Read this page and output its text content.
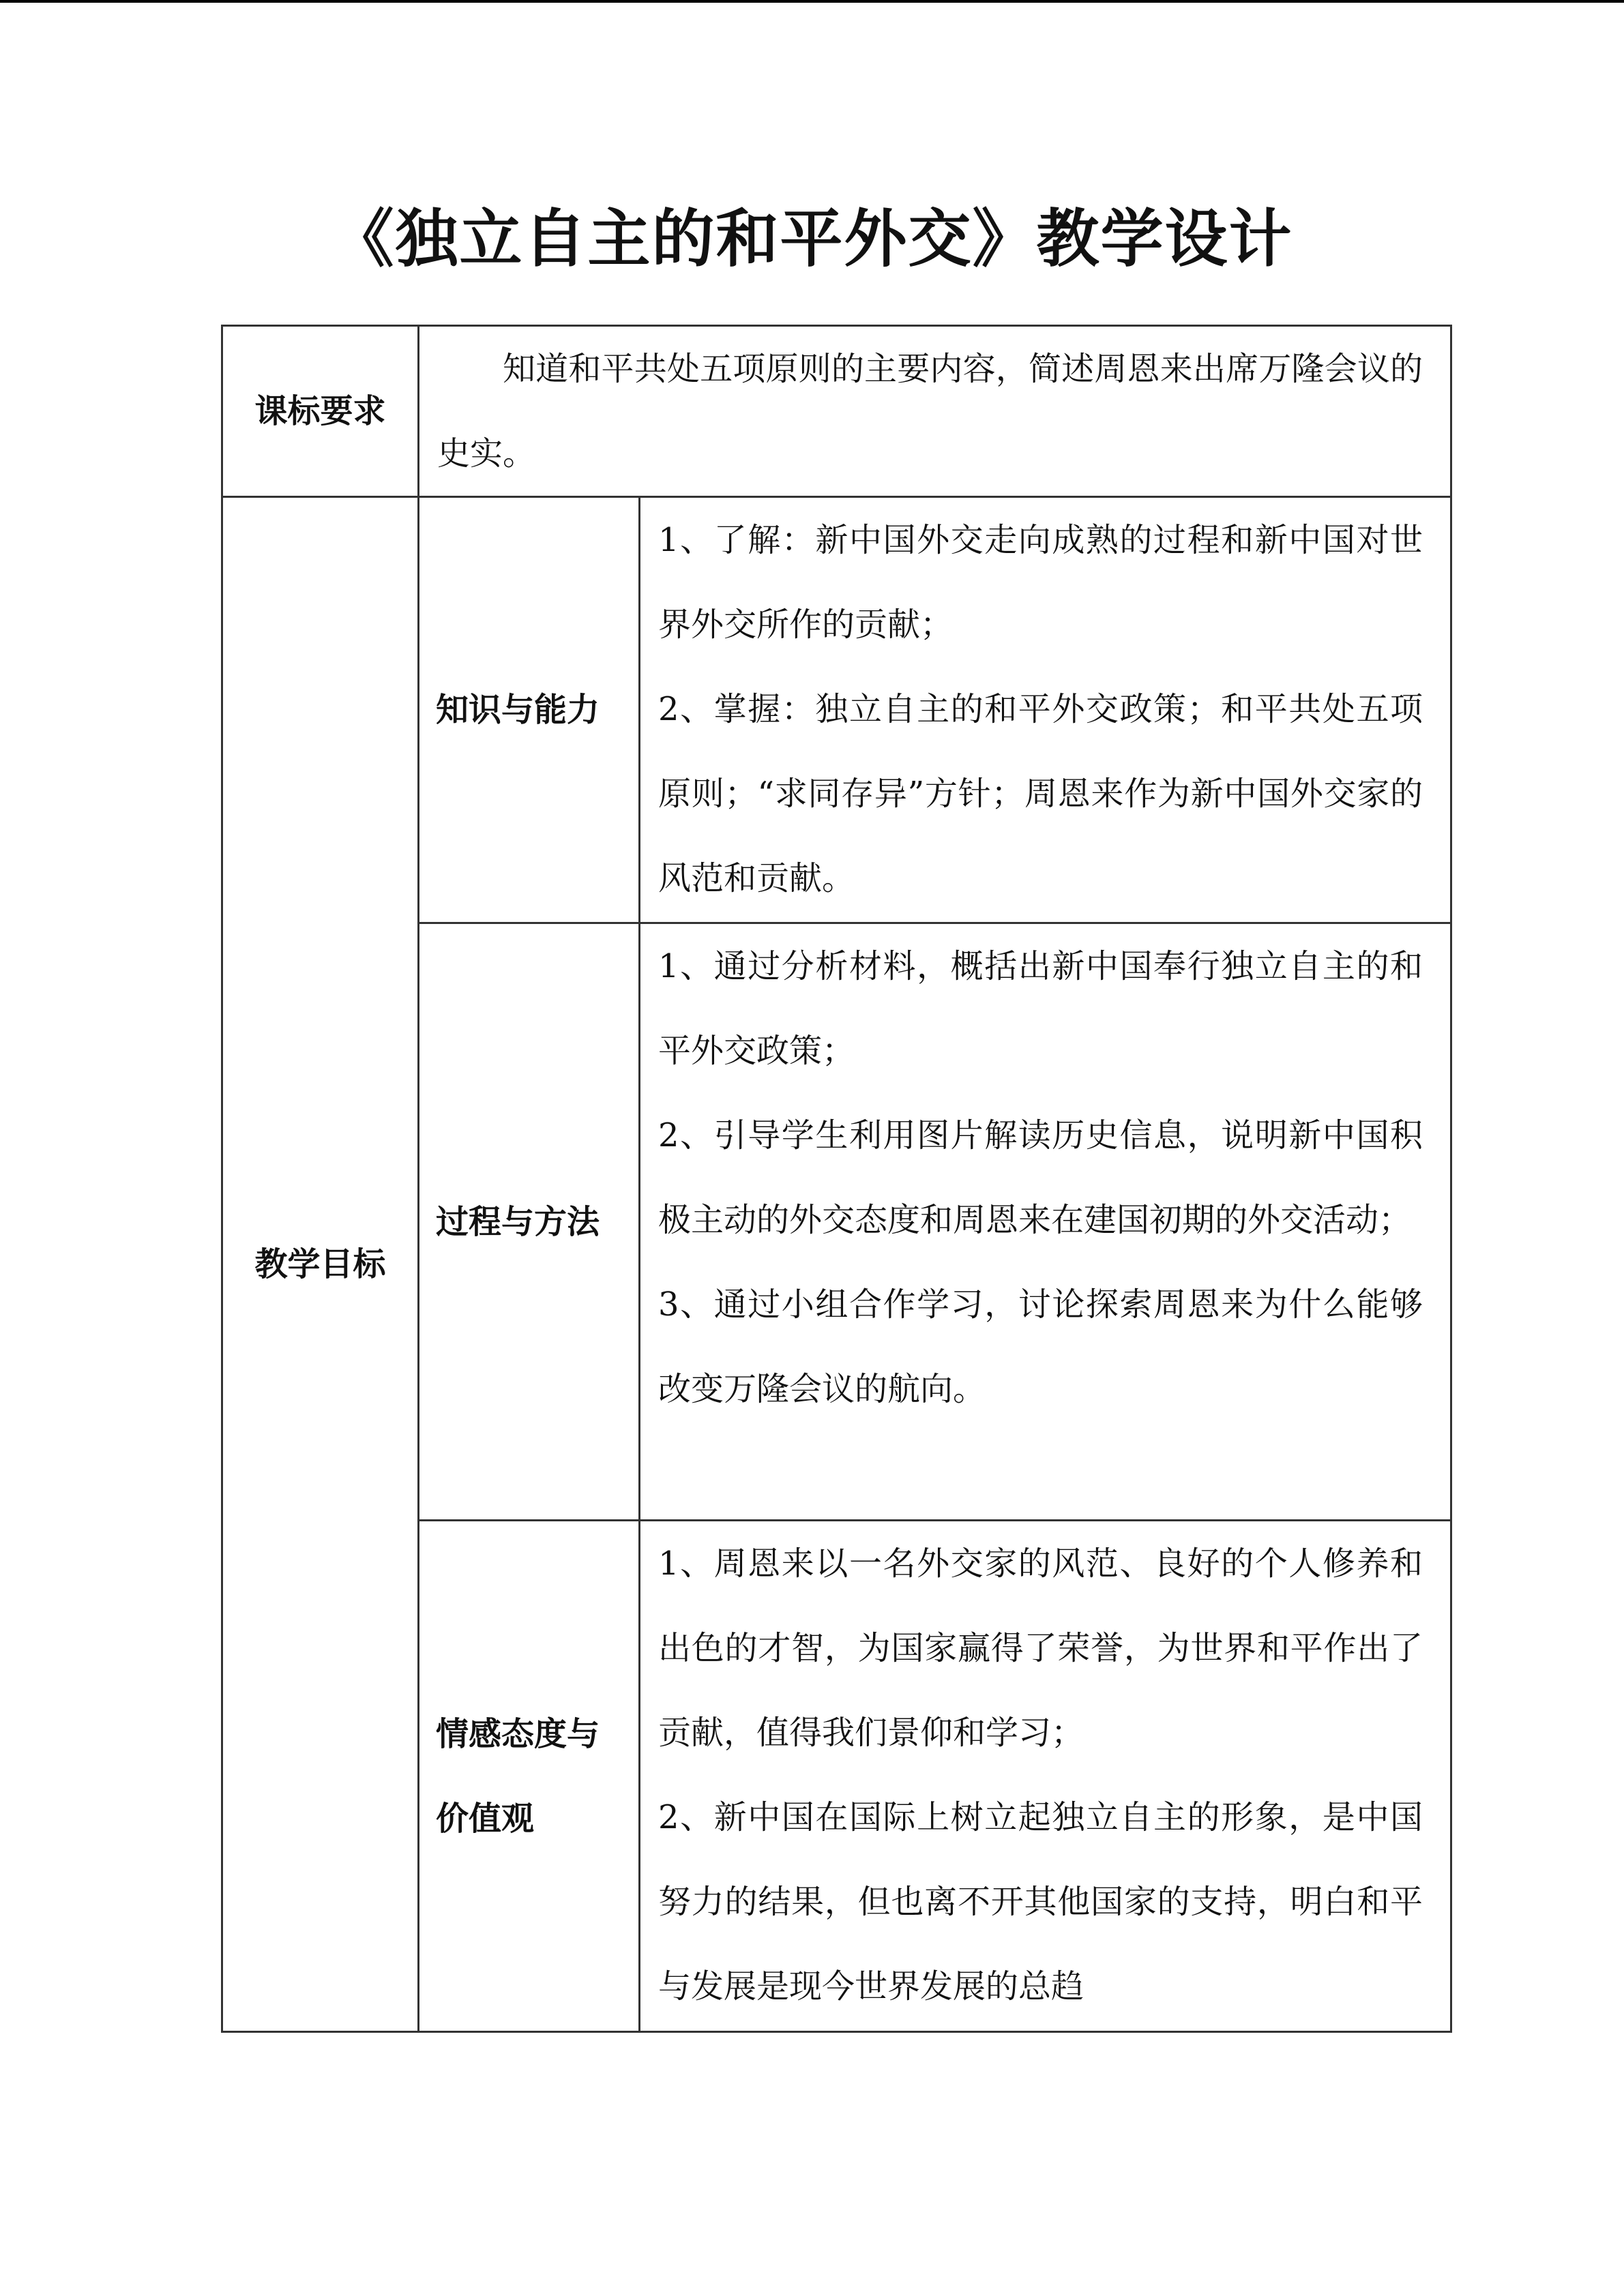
《独立自主的和平外交》教学设计
课标要求	知道和平共处五项原则的主要内容，简述周恩来出席万隆会议的史实。	

教学目标	知识与能力	1、了解：新中国外交走向成熟的过程和新中国对世界外交所作的贡献；

2、掌握：独立自主的和平外交政策；和平共处五项原则；“求同存异”方针；周恩来作为新中国外交家的风范和贡献。

	过程与方法	1、通过分析材料，概括出新中国奉行独立自主的和平外交政策；

2、引导学生利用图片解读历史信息，说明新中国积极主动的外交态度和周恩来在建国初期的外交活动；

3、通过小组合作学习，讨论探索周恩来为什么能够改变万隆会议的航向。

	情感态度与价值观	1、周恩来以一名外交家的风范、良好的个人修养和出色的才智，为国家赢得了荣誉，为世界和平作出了贡献，值得我们景仰和学习；

2、新中国在国际上树立起独立自主的形象，是中国努力的结果，但也离不开其他国家的支持，明白和平与发展是现今世界发展的总趋
